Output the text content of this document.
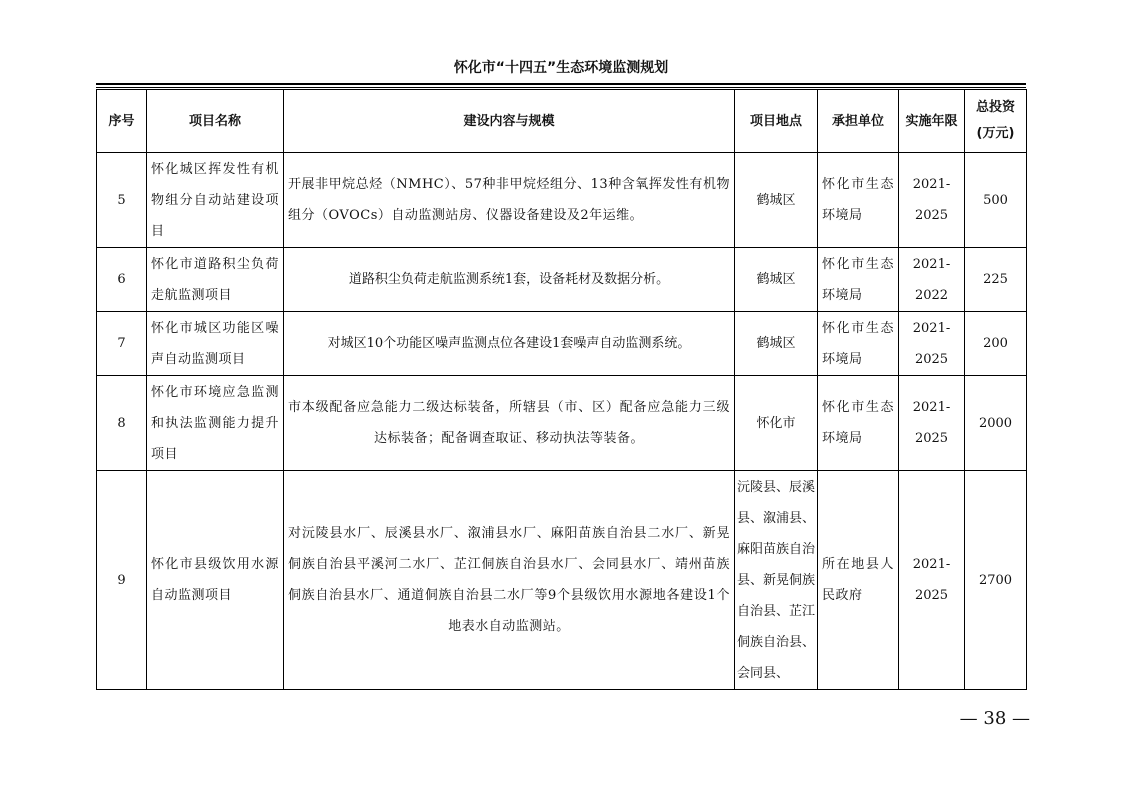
怀化市“十四五”生态环境监测规划
序号	项目名称	建设内容与规模	项目地点	承担单位	实施年限	总投资
(万元)
5	怀化城区挥发性有机物组分自动站建设项目	开展非甲烷总烃（NMHC）、57种非甲烷烃组分、13种含氧挥发性有机物组分（OVOCs）自动监测站房、仪器设备建设及2年运维。	鹤城区	怀化市生态环境局	2021-2025	500
6	怀化市道路积尘负荷走航监测项目	道路积尘负荷走航监测系统1套，设备耗材及数据分析。	鹤城区	怀化市生态环境局	2021-2022	225
7	怀化市城区功能区噪声自动监测项目	对城区10个功能区噪声监测点位各建设1套噪声自动监测系统。	鹤城区	怀化市生态环境局	2021-2025	200
8	怀化市环境应急监测和执法监测能力提升项目	市本级配备应急能力二级达标装备，所辖县（市、区）配备应急能力三级达标装备；配备调查取证、移动执法等装备。	怀化市	怀化市生态环境局	2021-2025	2000
9	怀化市县级饮用水源自动监测项目	对沅陵县水厂、辰溪县水厂、溆浦县水厂、麻阳苗族自治县二水厂、新晃侗族自治县平溪河二水厂、芷江侗族自治县水厂、会同县水厂、靖州苗族侗族自治县水厂、通道侗族自治县二水厂等9个县级饮用水源地各建设1个地表水自动监测站。	沅陵县、辰溪县、溆浦县、麻阳苗族自治县、新晃侗族自治县、芷江侗族自治县、会同县、	所在地县人民政府	2021-2025	2700
— 38 —
